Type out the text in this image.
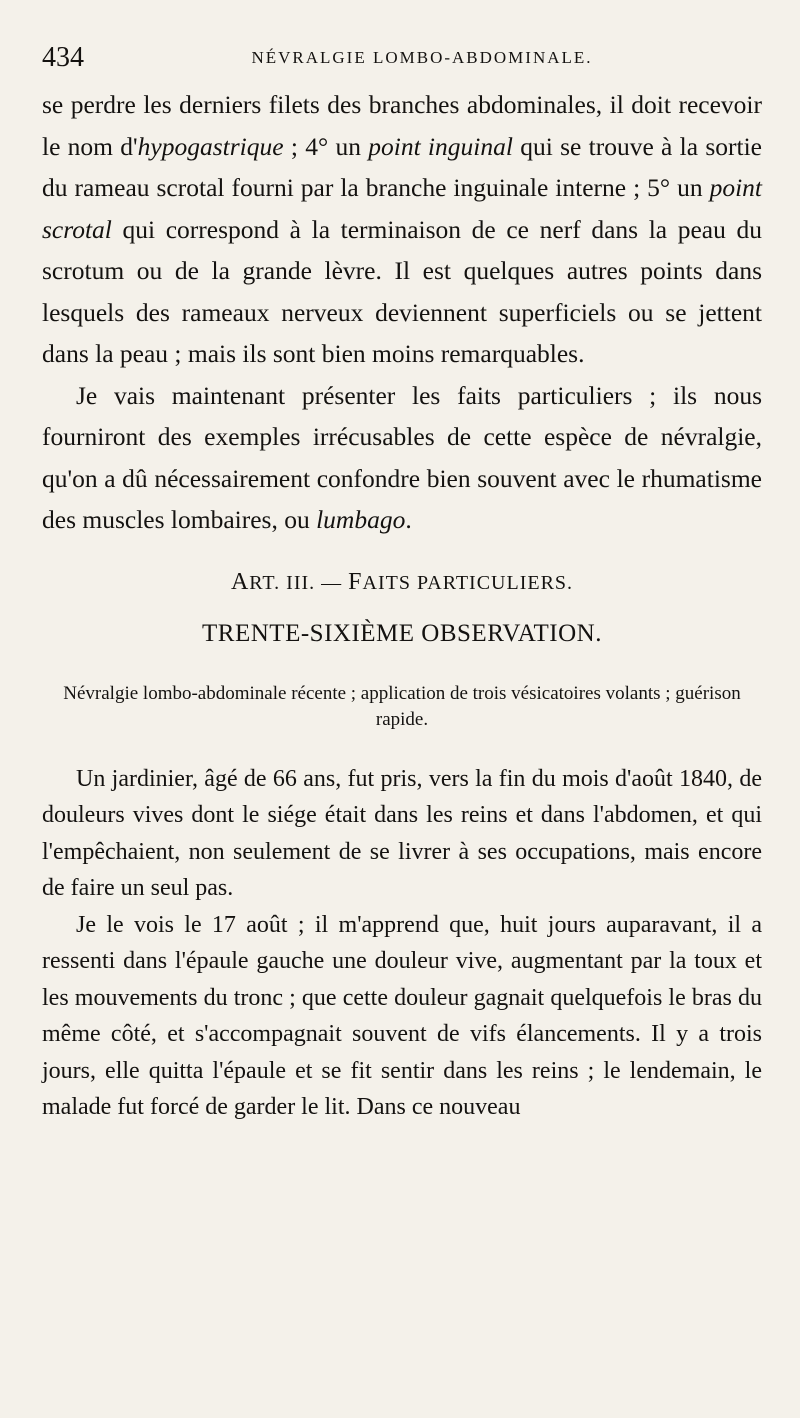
434	NÉVRALGIE LOMBO-ABDOMINALE.

se perdre les derniers filets des branches abdominales, il doit recevoir le nom d'hypogastrique ; 4° un point inguinal qui se trouve à la sortie du rameau scrotal fourni par la branche inguinale interne ; 5° un point scrotal qui correspond à la terminaison de ce nerf dans la peau du scrotum ou de la grande lèvre. Il est quelques autres points dans lesquels des rameaux nerveux deviennent superficiels ou se jettent dans la peau ; mais ils sont bien moins remarquables.

Je vais maintenant présenter les faits particuliers ; ils nous fourniront des exemples irrécusables de cette espèce de névralgie, qu'on a dû nécessairement confondre bien souvent avec le rhumatisme des muscles lombaires, ou lumbago.

ART. III. — FAITS PARTICULIERS.
TRENTE-SIXIÈME OBSERVATION.

Névralgie lombo-abdominale récente ; application de trois vésicatoires volants ; guérison rapide.

Un jardinier, âgé de 66 ans, fut pris, vers la fin du mois d'août 1840, de douleurs vives dont le siége était dans les reins et dans l'abdomen, et qui l'empêchaient, non seulement de se livrer à ses occupations, mais encore de faire un seul pas.

Je le vois le 17 août ; il m'apprend que, huit jours auparavant, il a ressenti dans l'épaule gauche une douleur vive, augmentant par la toux et les mouvements du tronc ; que cette douleur gagnait quelquefois le bras du même côté, et s'accompagnait souvent de vifs élancements. Il y a trois jours, elle quitta l'épaule et se fit sentir dans les reins ; le lendemain, le malade fut forcé de garder le lit. Dans ce nouveau
